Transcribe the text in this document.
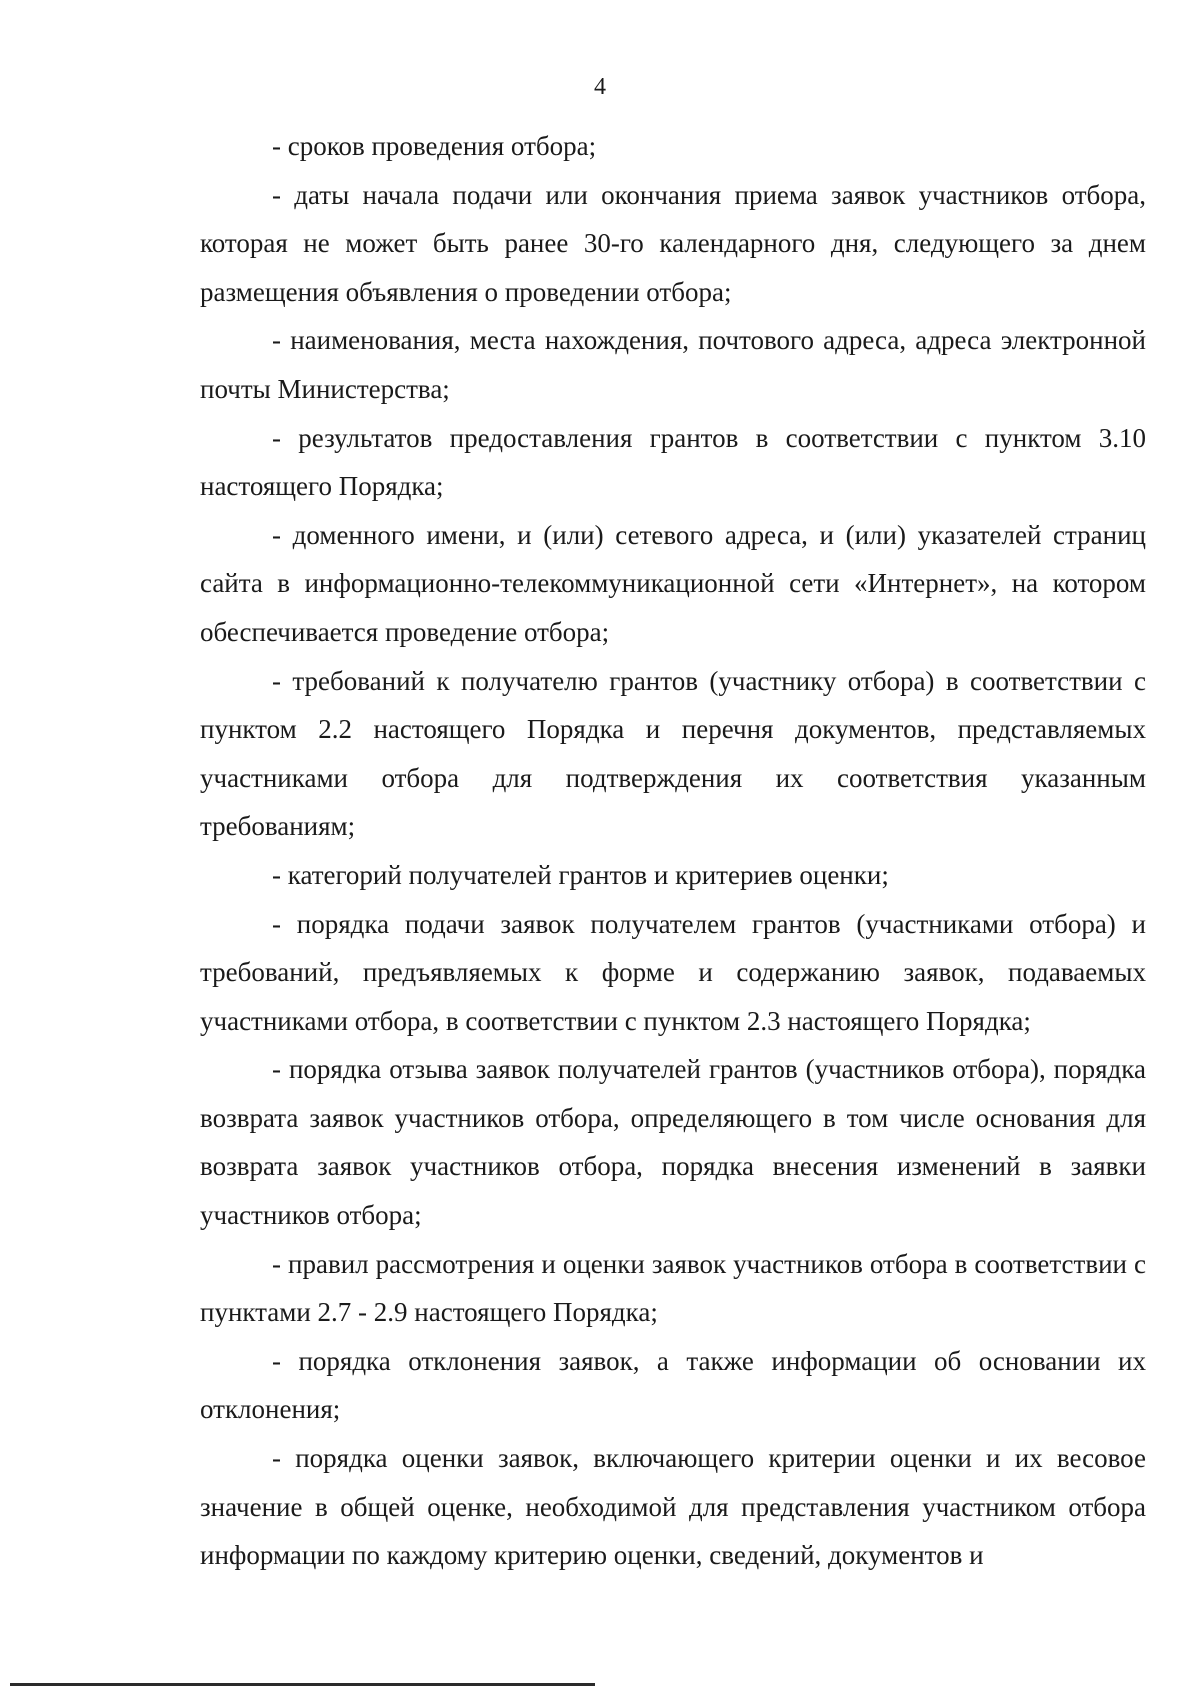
4

- сроков проведения отбора;

- даты начала подачи или окончания приема заявок участников отбора, которая не может быть ранее 30-го календарного дня, следующего за днем размещения объявления о проведении отбора;

- наименования, места нахождения, почтового адреса, адреса электронной почты Министерства;

- результатов предоставления грантов в соответствии с пунктом 3.10 настоящего Порядка;

- доменного имени, и (или) сетевого адреса, и (или) указателей страниц сайта в информационно-телекоммуникационной сети «Интернет», на котором обеспечивается проведение отбора;

- требований к получателю грантов (участнику отбора) в соответствии с пунктом 2.2 настоящего Порядка и перечня документов, представляемых участниками отбора для подтверждения их соответствия указанным требованиям;

- категорий получателей грантов и критериев оценки;

- порядка подачи заявок получателем грантов (участниками отбора) и требований, предъявляемых к форме и содержанию заявок, подаваемых участниками отбора, в соответствии с пунктом 2.3 настоящего Порядка;

- порядка отзыва заявок получателей грантов (участников отбора), порядка возврата заявок участников отбора, определяющего в том числе основания для возврата заявок участников отбора, порядка внесения изменений в заявки участников отбора;

- правил рассмотрения и оценки заявок участников отбора в соответствии с пунктами 2.7 - 2.9 настоящего Порядка;

- порядка отклонения заявок, а также информации об основании их отклонения;

- порядка оценки заявок, включающего критерии оценки и их весовое значение в общей оценке, необходимой для представления участником отбора информации по каждому критерию оценки, сведений, документов и
